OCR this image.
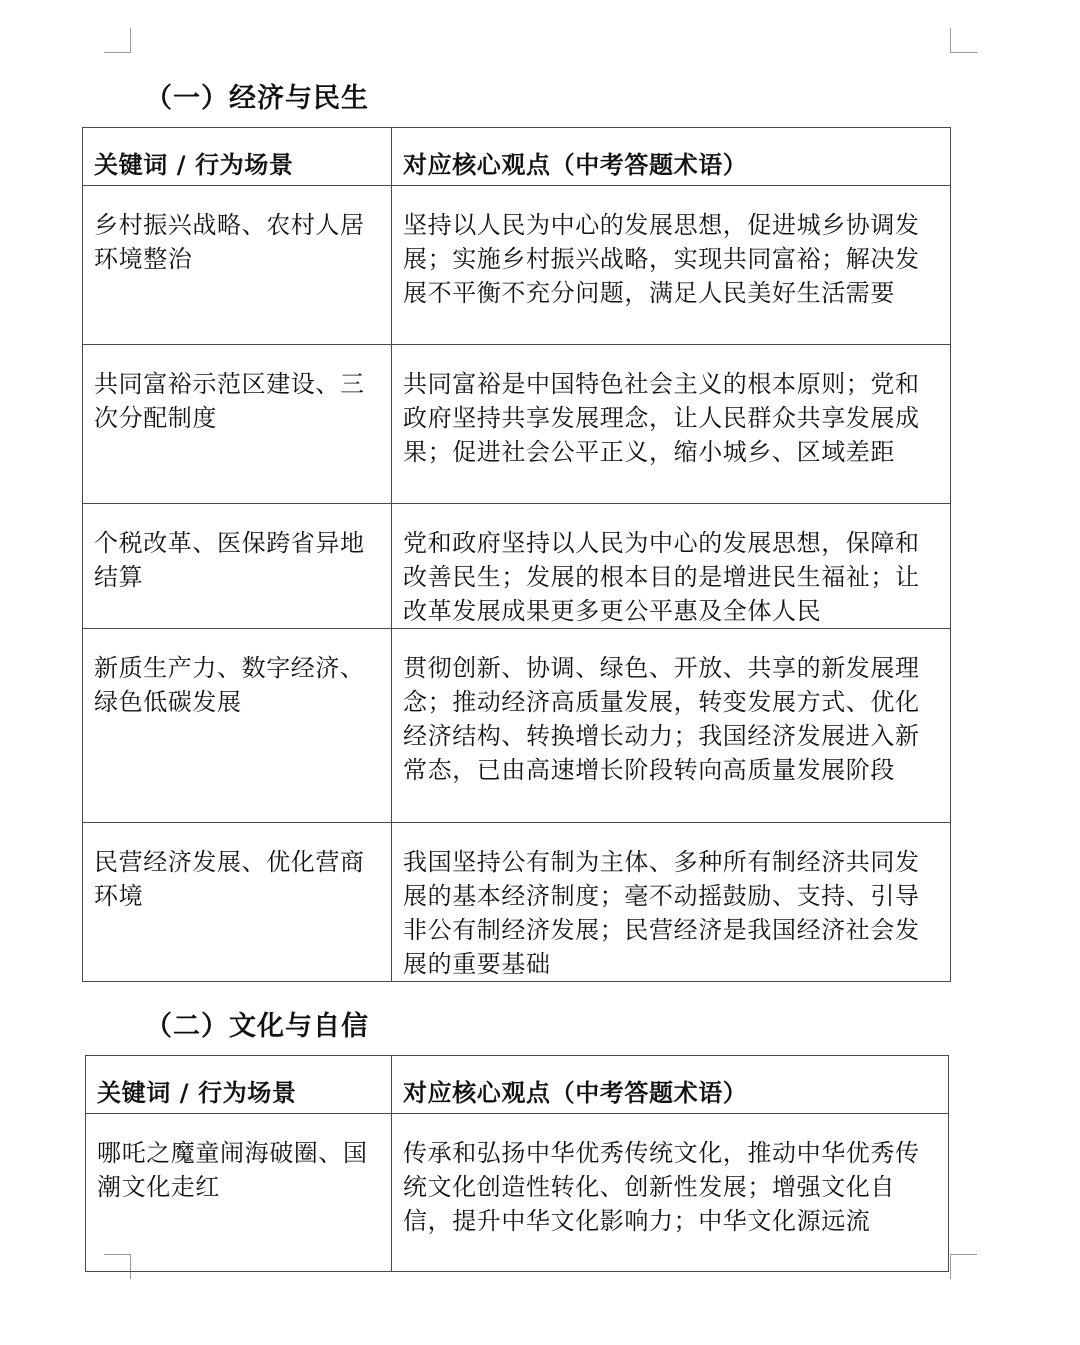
（一）经济与民生
关键词 / 行为场景	对应核心观点（中考答题术语）
乡村振兴战略、农村人居环境整治	坚持以人民为中心的发展思想，促进城乡协调发展；实施乡村振兴战略，实现共同富裕；解决发展不平衡不充分问题，满足人民美好生活需要
共同富裕示范区建设、三次分配制度	共同富裕是中国特色社会主义的根本原则；党和政府坚持共享发展理念，让人民群众共享发展成果；促进社会公平正义，缩小城乡、区域差距
个税改革、医保跨省异地结算	党和政府坚持以人民为中心的发展思想，保障和改善民生；发展的根本目的是增进民生福祉；让改革发展成果更多更公平惠及全体人民
新质生产力、数字经济、绿色低碳发展	贯彻创新、协调、绿色、开放、共享的新发展理念；推动经济高质量发展，转变发展方式、优化经济结构、转换增长动力；我国经济发展进入新常态，已由高速增长阶段转向高质量发展阶段
民营经济发展、优化营商环境	我国坚持公有制为主体、多种所有制经济共同发展的基本经济制度；毫不动摇鼓励、支持、引导非公有制经济发展；民营经济是我国经济社会发展的重要基础
（二）文化与自信
关键词 / 行为场景	对应核心观点（中考答题术语）
哪吒之魔童闹海破圈、国潮文化走红	传承和弘扬中华优秀传统文化，推动中华优秀传统文化创造性转化、创新性发展；增强文化自信，提升中华文化影响力；中华文化源远流
